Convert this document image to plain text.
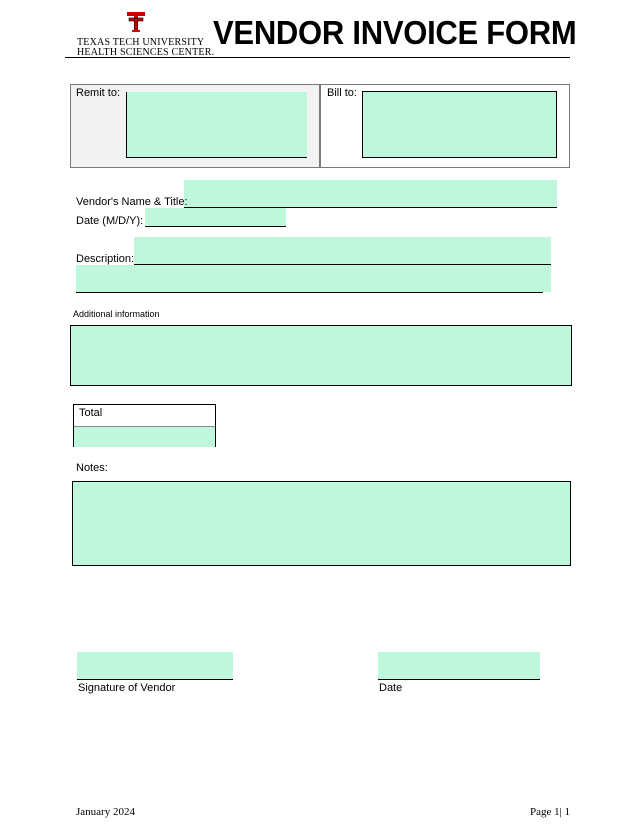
TEXAS TECH UNIVERSITY
HEALTH SCIENCES CENTER.
VENDOR INVOICE FORM
Remit to:	Bill to:
Vendor's Name & Title:
Date (M/D/Y):
Description:
Additional information
Total
Notes:
Signature of Vendor	Date
January 2024	Page 1| 1
